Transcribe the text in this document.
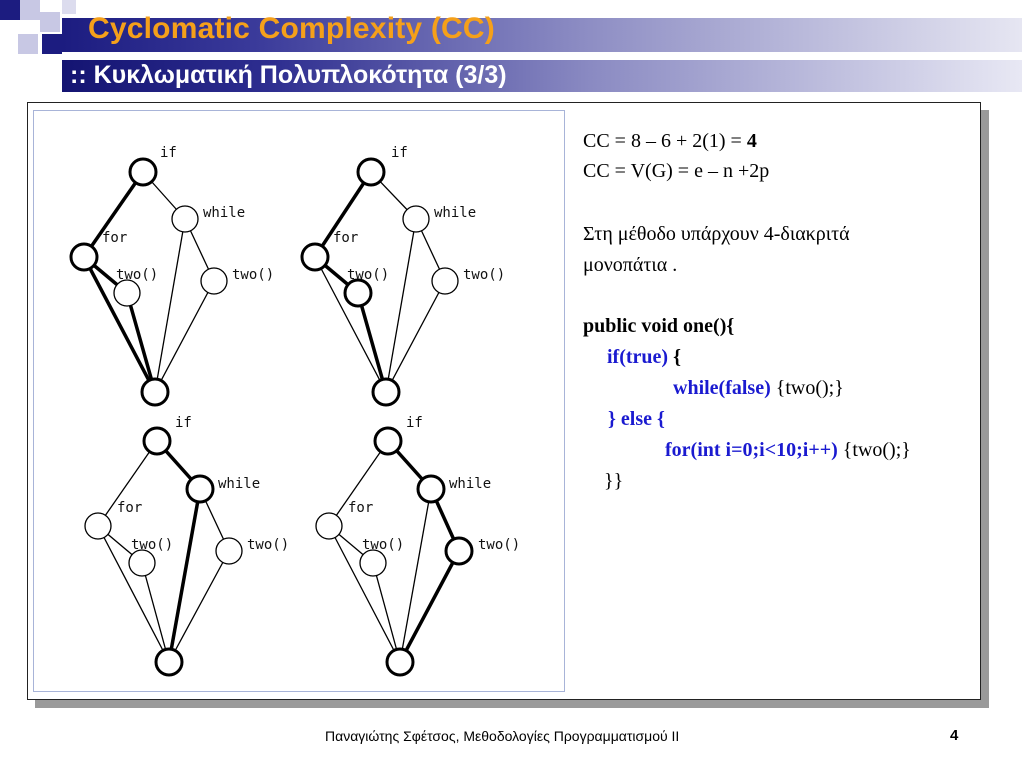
Cyclomatic Complexity (CC)
:: Κυκλωματική Πολυπλοκότητα (3/3)
if
while
for
two()	two()
if
while
for
two()	two()
if
while
for
two()	two()
if
while
for
two()	two()
CC = 8 – 6 + 2(1) = 4
CC = V(G) = e – n +2p
Στη μέθοδο υπάρχουν 4-διακριτά
μονοπάτια .
public void one(){
if(true) {
while(false) {two();}
} else {
for(int i=0;i<10;i++) {two();}
}}
Παναγιώτης Σφέτσος, Μεθοδολογίες Προγραμματισμού ΙΙ	4
